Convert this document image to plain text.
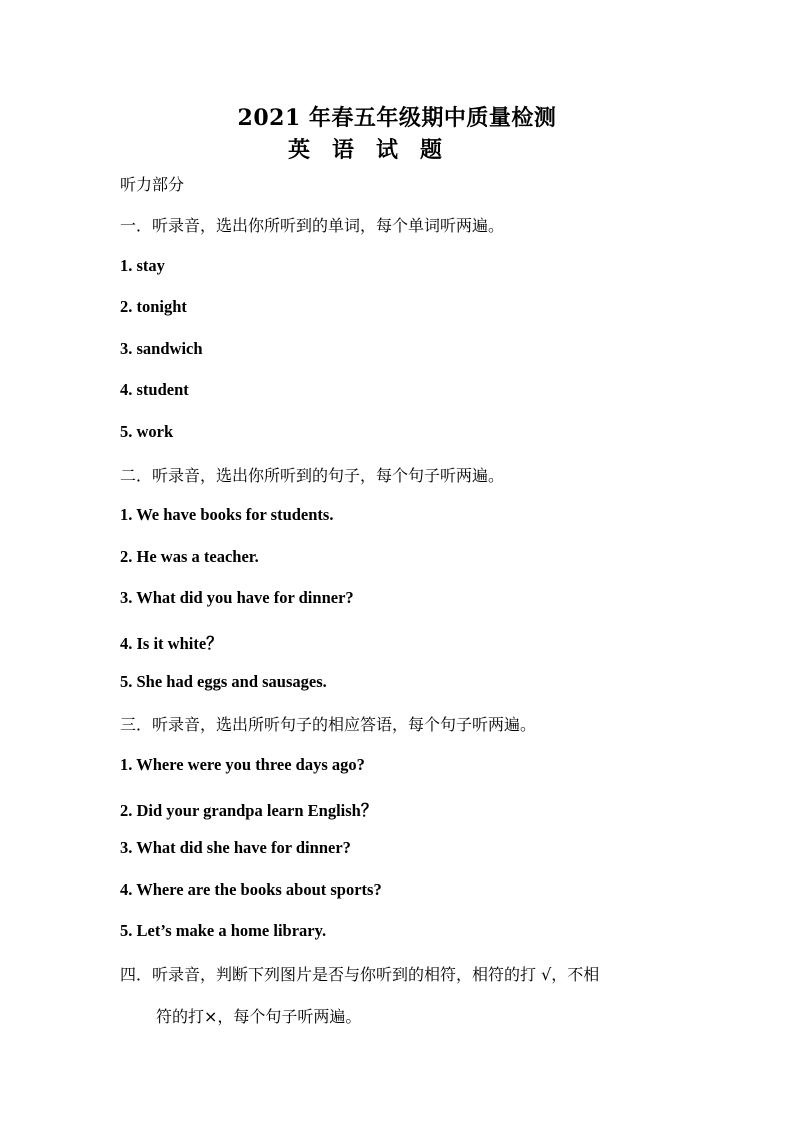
2021 年春五年级期中质量检测
英语试题
听力部分
一．听录音，选出你所听到的单词，每个单词听两遍。
1. stay
2. tonight
3. sandwich
4. student
5. work
二．听录音，选出你所听到的句子，每个句子听两遍。
1. We have books for students.
2. He was a teacher.
3. What did you have for dinner?
4. Is it white？
5. She had eggs and sausages.
三．听录音，选出所听句子的相应答语，每个句子听两遍。
1. Where were you three days ago?
2. Did your grandpa learn English？
3. What did she have for dinner?
4. Where are the books about sports?
5. Let’s make a home library.
四．听录音，判断下列图片是否与你听到的相符，相符的打 √，不相
符的打×，每个句子听两遍。
